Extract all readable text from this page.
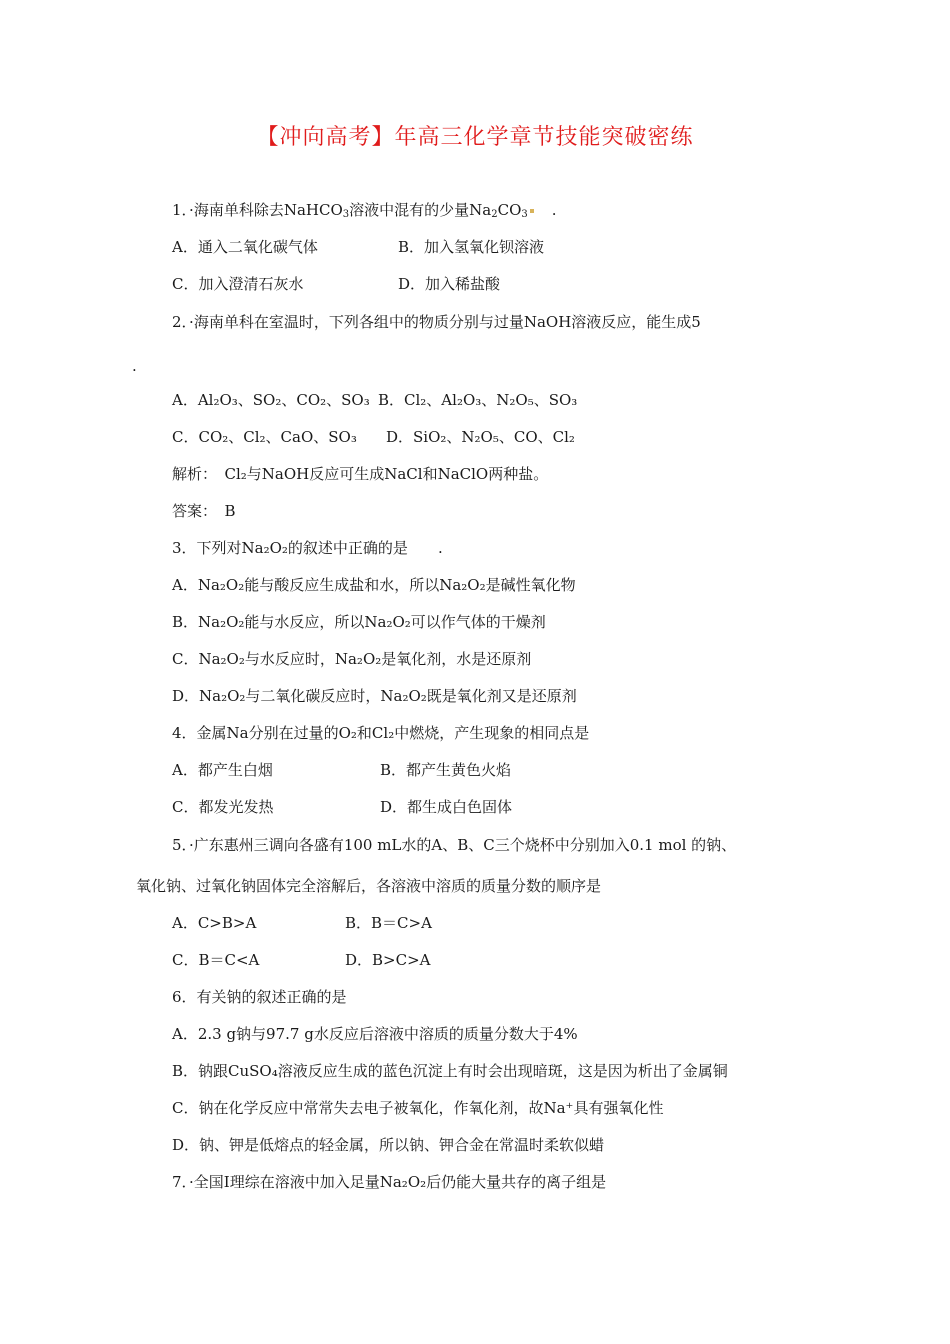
【冲向高考】年高三化学章节技能突破密练
1．·海南单科除去NaHCO$_3$溶液中混有的少量$Na_2CO_3$ .
A．通入二氧化碳气体	B．加入氢氧化钡溶液
C．加入澄清石灰水	D．加入稀盐酸
2．·海南单科在室温时，下列各组中的物质分别与过量NaOH溶液反应，能生成5
.
A．Al₂O₃、SO₂、CO₂、SO₃ B．Cl₂、Al₂O₃、N₂O₅、SO₃
C．CO₂、Cl₂、CaO、SO₃ D．SiO₂、N₂O₅、CO、Cl₂
解析：　Cl₂与NaOH反应可生成NaCl和NaClO两种盐。
答案：　B
3．下列对Na₂O₂的叙述中正确的是 .
A．Na₂O₂能与酸反应生成盐和水，所以Na₂O₂是碱性氧化物
B．Na₂O₂能与水反应，所以Na₂O₂可以作气体的干燥剂
C．Na₂O₂与水反应时，Na₂O₂是氧化剂，水是还原剂
D．Na₂O₂与二氧化碳反应时，Na₂O₂既是氧化剂又是还原剂
4．金属Na分别在过量的O₂和Cl₂中燃烧，产生现象的相同点是
A．都产生白烟	B．都产生黄色火焰
C．都发光发热	D．都生成白色固体
5．·广东惠州三调向各盛有100 mL水的A、B、C三个烧杯中分别加入0.1 mol 的钠、
氧化钠、过氧化钠固体完全溶解后，各溶液中溶质的质量分数的顺序是
A．C>B>A	B．B＝C>A
C．B＝C<A	D．B>C>A
6．有关钠的叙述正确的是
A．2.3 g钠与97.7 g水反应后溶液中溶质的质量分数大于4%
B．钠跟CuSO₄溶液反应生成的蓝色沉淀上有时会出现暗斑，这是因为析出了金属铜
C．钠在化学反应中常常失去电子被氧化，作氧化剂，故Na⁺具有强氧化性
D．钠、钾是低熔点的轻金属，所以钠、钾合金在常温时柔软似蜡
7．·全国Ⅰ理综在溶液中加入足量Na₂O₂后仍能大量共存的离子组是
